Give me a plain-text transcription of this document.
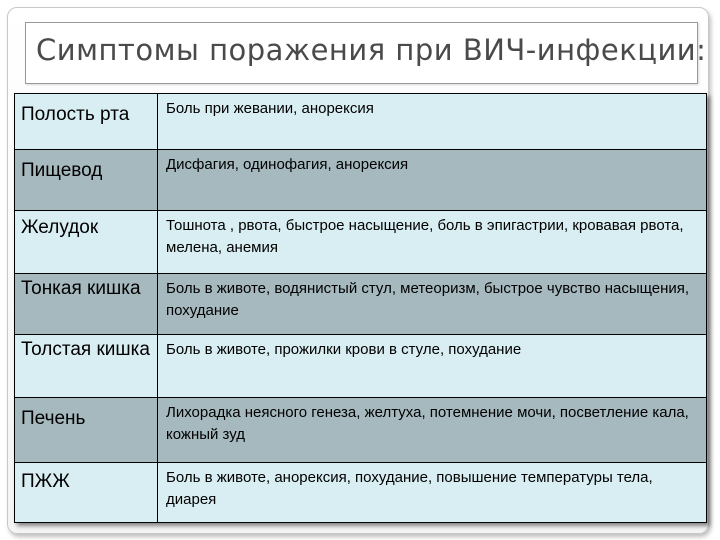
Симптомы поражения при ВИЧ-инфекции:
Полость рта	Боль при жевании, анорексия

Пищевод	Дисфагия, одинофагия, анорексия

Желудок	Тошнота , рвота, быстрое насыщение, боль в эпигастрии, кровавая рвота, мелена, анемия

Тонкая кишка	Боль в животе, водянистый стул, метеоризм, быстрое чувство насыщения, похудание

Толстая кишка	Боль в животе, прожилки крови в стуле, похудание

Печень	Лихорадка неясного генеза, желтуха, потемнение мочи, посветление кала, кожный зуд

ПЖЖ	Боль в животе, анорексия, похудание, повышение температуры тела, диарея
